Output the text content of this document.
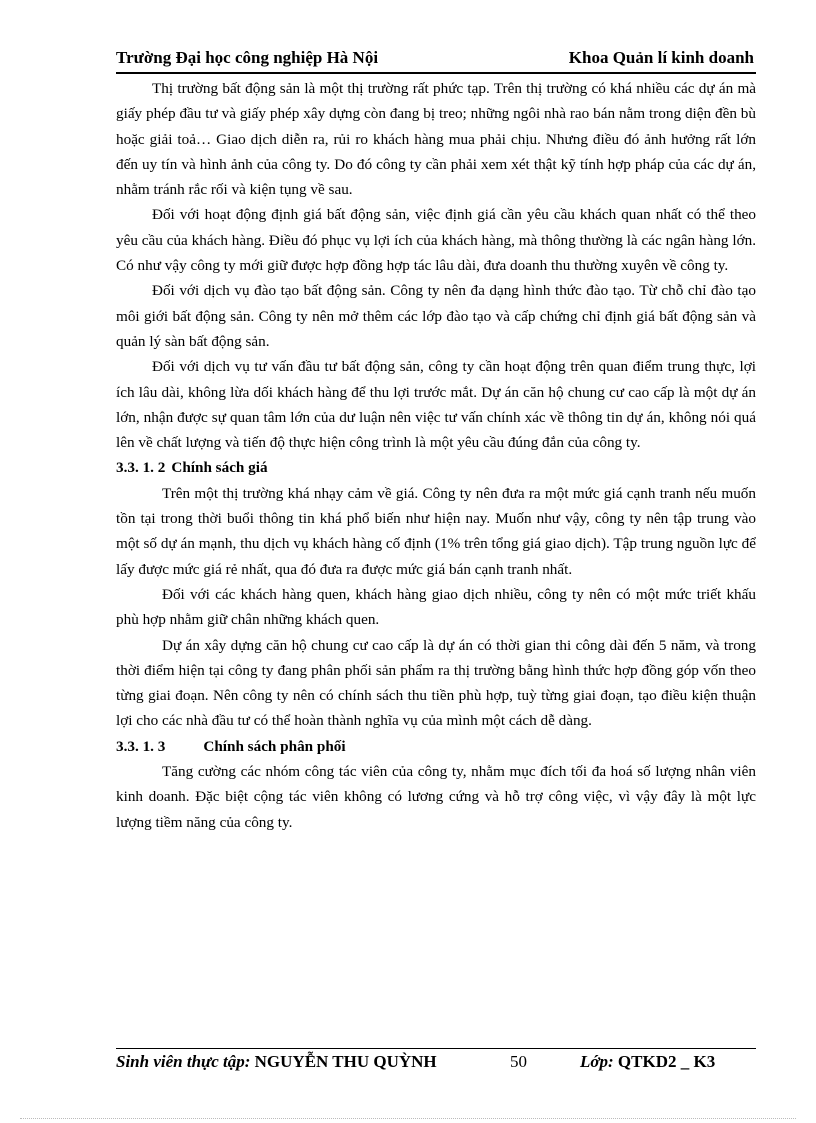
Trường Đại học công nghiệp Hà Nội	Khoa Quản lí kinh doanh

Thị trường bất động sản là một thị trường rất phức tạp. Trên thị trường có khá nhiều các dự án mà giấy phép đầu tư và giấy phép xây dựng còn đang bị treo; những ngôi nhà rao bán nằm trong diện đền bù hoặc giải toả… Giao dịch diễn ra, rủi ro khách hàng mua phải chịu. Nhưng điều đó ảnh hưởng rất lớn đến uy tín và hình ảnh của công ty. Do đó công ty cần phải xem xét thật kỹ tính hợp pháp của các dự án, nhằm tránh rắc rối và kiện tụng về sau.

Đối với hoạt động định giá bất động sản, việc định giá cần yêu cầu khách quan nhất có thể theo yêu cầu của khách hàng. Điều đó phục vụ lợi ích của khách hàng, mà thông thường là các ngân hàng lớn. Có như vậy công ty mới giữ được hợp đồng hợp tác lâu dài, đưa doanh thu thường xuyên về công ty.

Đối với dịch vụ đào tạo bất động sản. Công ty nên đa dạng hình thức đào tạo. Từ chỗ chỉ đào tạo môi giới bất động sản. Công ty nên mở thêm các lớp đào tạo và cấp chứng chỉ định giá bất động sản và quản lý sàn bất động sản.

Đối với dịch vụ tư vấn đầu tư bất động sản, công ty cần hoạt động trên quan điểm trung thực, lợi ích lâu dài, không lừa dối khách hàng để thu lợi trước mắt. Dự án căn hộ chung cư cao cấp là một dự án lớn, nhận được sự quan tâm lớn của dư luận nên việc tư vấn chính xác về thông tin dự án, không nói quá lên về chất lượng và tiến độ thực hiện công trình là một yêu cầu đúng đắn của công ty.

3.3. 1. 2 Chính sách giá

Trên một thị trường khá nhạy cảm về giá. Công ty nên đưa ra một mức giá cạnh tranh nếu muốn tồn tại trong thời buổi thông tin khá phổ biến như hiện nay. Muốn như vậy, công ty nên tập trung vào một số dự án mạnh, thu dịch vụ khách hàng cố định (1% trên tổng giá giao dịch). Tập trung nguồn lực để lấy được mức giá rẻ nhất, qua đó đưa ra được mức giá bán cạnh tranh nhất.

Đối với các khách hàng quen, khách hàng giao dịch nhiều, công ty nên có một mức triết khấu phù hợp nhằm giữ chân những khách quen.

Dự án xây dựng căn hộ chung cư cao cấp là dự án có thời gian thi công dài đến 5 năm, và trong thời điểm hiện tại công ty đang phân phối sản phẩm ra thị trường bằng hình thức hợp đồng góp vốn theo từng giai đoạn. Nên công ty nên có chính sách thu tiền phù hợp, tuỳ từng giai đoạn, tạo điều kiện thuận lợi cho các nhà đầu tư có thể hoàn thành nghĩa vụ của mình một cách dễ dàng.

3.3. 1. 3	Chính sách phân phối

Tăng cường các nhóm công tác viên của công ty, nhằm mục đích tối đa hoá số lượng nhân viên kinh doanh. Đặc biệt cộng tác viên không có lương cứng và hỗ trợ công việc, vì vậy đây là một lực lượng tiềm năng của công ty.

Sinh viên thực tập: NGUYỄN THU QUỲNH	50	Lớp: QTKD2 _ K3
